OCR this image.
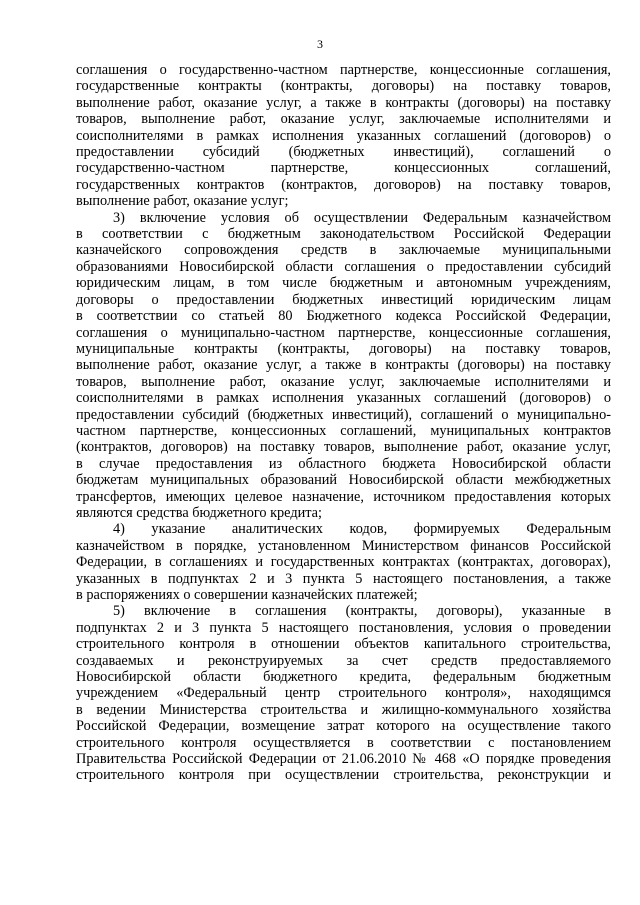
3
соглашения о государственно-частном партнерстве, концессионные соглашения,
государственные контракты (контракты, договоры) на поставку товаров,
выполнение работ, оказание услуг, а также в контракты (договоры) на поставку
товаров, выполнение работ, оказание услуг, заключаемые исполнителями и
соисполнителями в рамках исполнения указанных соглашений (договоров) о
предоставлении субсидий (бюджетных инвестиций), соглашений о
государственно-частном партнерстве, концессионных соглашений,
государственных контрактов (контрактов, договоров) на поставку товаров,
выполнение работ, оказание услуг;
3) включение условия об осуществлении Федеральным казначейством
в соответствии с бюджетным законодательством Российской Федерации
казначейского сопровождения средств в заключаемые муниципальными
образованиями Новосибирской области соглашения о предоставлении субсидий
юридическим лицам, в том числе бюджетным и автономным учреждениям,
договоры о предоставлении бюджетных инвестиций юридическим лицам
в соответствии со статьей 80 Бюджетного кодекса Российской Федерации,
соглашения о муниципально-частном партнерстве, концессионные соглашения,
муниципальные контракты (контракты, договоры) на поставку товаров,
выполнение работ, оказание услуг, а также в контракты (договоры) на поставку
товаров, выполнение работ, оказание услуг, заключаемые исполнителями и
соисполнителями в рамках исполнения указанных соглашений (договоров) о
предоставлении субсидий (бюджетных инвестиций), соглашений о муниципально-
частном партнерстве, концессионных соглашений, муниципальных контрактов
(контрактов, договоров) на поставку товаров, выполнение работ, оказание услуг,
в случае предоставления из областного бюджета Новосибирской области
бюджетам муниципальных образований Новосибирской области межбюджетных
трансфертов, имеющих целевое назначение, источником предоставления которых
являются средства бюджетного кредита;
4) указание аналитических кодов, формируемых Федеральным
казначейством в порядке, установленном Министерством финансов Российской
Федерации, в соглашениях и государственных контрактах (контрактах, договорах),
указанных в подпунктах 2 и 3 пункта 5 настоящего постановления, а также
в распоряжениях о совершении казначейских платежей;
5) включение в соглашения (контракты, договоры), указанные в
подпунктах 2 и 3 пункта 5 настоящего постановления, условия о проведении
строительного контроля в отношении объектов капитального строительства,
создаваемых и реконструируемых за счет средств предоставляемого
Новосибирской области бюджетного кредита, федеральным бюджетным
учреждением «Федеральный центр строительного контроля», находящимся
в ведении Министерства строительства и жилищно-коммунального хозяйства
Российской Федерации, возмещение затрат которого на осуществление такого
строительного контроля осуществляется в соответствии с постановлением
Правительства Российской Федерации от 21.06.2010 № 468 «О порядке проведения
строительного контроля при осуществлении строительства, реконструкции и
